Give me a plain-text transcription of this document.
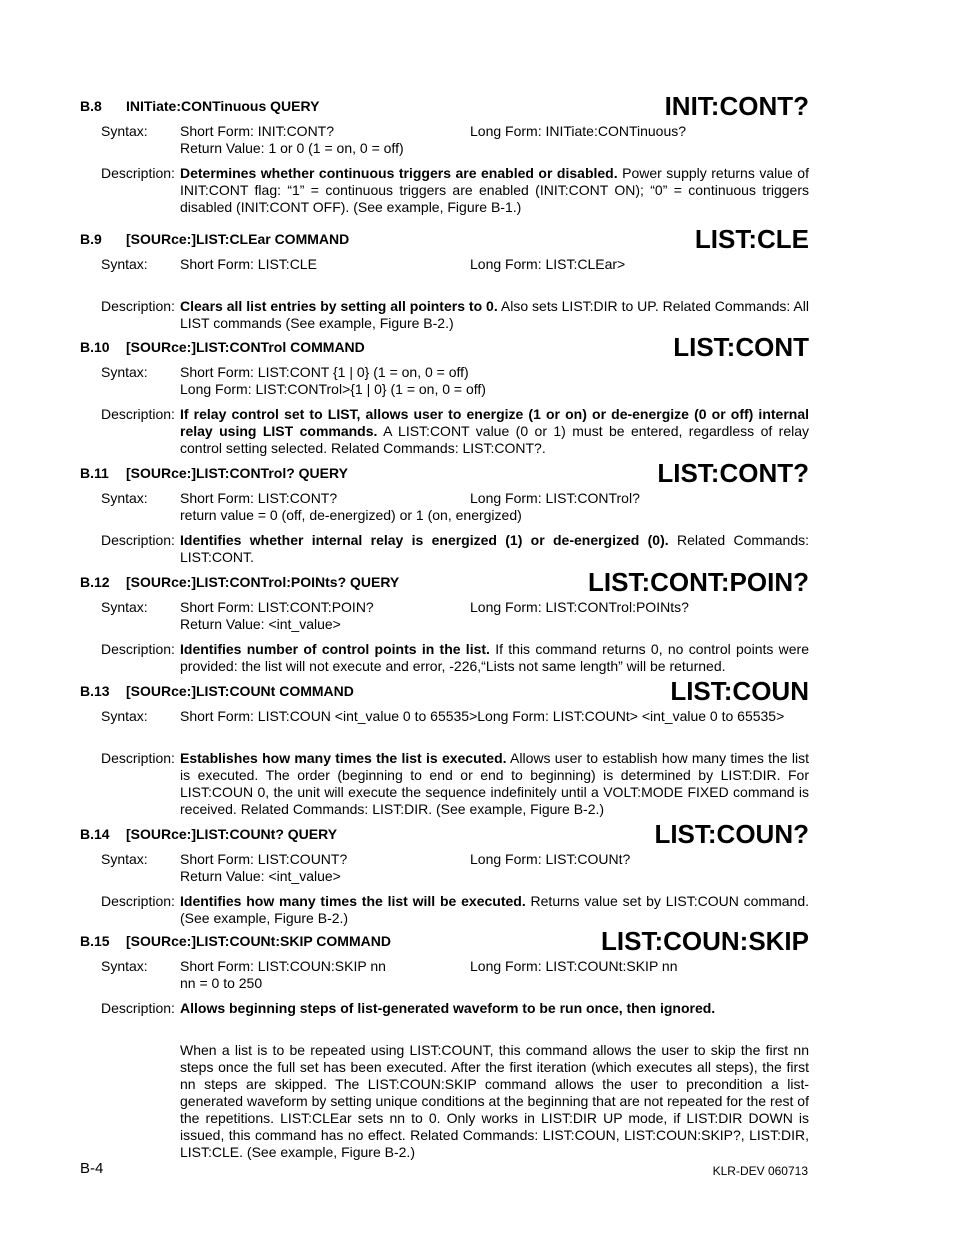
B.8 INITiate:CONTinuous QUERY	INIT:CONT?
Syntax: Short Form: INIT:CONT?	Long Form: INITiate:CONTinuous?
Return Value: 1 or 0 (1 = on, 0 = off)
Description: Determines whether continuous triggers are enabled or disabled. Power supply returns value of INIT:CONT flag: “1” = continuous triggers are enabled (INIT:CONT ON); “0” = continuous triggers disabled (INIT:CONT OFF). (See example, Figure B-1.)
B.9 [SOURce:]LIST:CLEar COMMAND	LIST:CLE
Syntax: Short Form: LIST:CLE	Long Form: LIST:CLEar>
Description: Clears all list entries by setting all pointers to 0. Also sets LIST:DIR to UP. Related Commands: All LIST commands (See example, Figure B-2.)
B.10 [SOURce:]LIST:CONTrol COMMAND	LIST:CONT
Syntax: Short Form: LIST:CONT {1 | 0} (1 = on, 0 = off)
Long Form: LIST:CONTrol>{1 | 0} (1 = on, 0 = off)
Description: If relay control set to LIST, allows user to energize (1 or on) or de-energize (0 or off) internal relay using LIST commands. A LIST:CONT value (0 or 1) must be entered, regardless of relay control setting selected. Related Commands: LIST:CONT?.
B.11 [SOURce:]LIST:CONTrol? QUERY	LIST:CONT?
Syntax: Short Form: LIST:CONT?	Long Form: LIST:CONTrol?
return value = 0 (off, de-energized) or 1 (on, energized)
Description: Identifies whether internal relay is energized (1) or de-energized (0). Related Commands: LIST:CONT.
B.12 [SOURce:]LIST:CONTrol:POINts? QUERY	LIST:CONT:POIN?
Syntax: Short Form: LIST:CONT:POIN?	Long Form: LIST:CONTrol:POINts?
Return Value: <int_value>
Description: Identifies number of control points in the list. If this command returns 0, no control points were provided: the list will not execute and error, -226,“Lists not same length” will be returned.
B.13 [SOURce:]LIST:COUNt COMMAND	LIST:COUN
Syntax: Short Form: LIST:COUN <int_value 0 to 65535>Long Form: LIST:COUNt> <int_value 0 to 65535>
Description: Establishes how many times the list is executed. Allows user to establish how many times the list is executed. The order (beginning to end or end to beginning) is determined by LIST:DIR. For LIST:COUN 0, the unit will execute the sequence indefinitely until a VOLT:MODE FIXED command is received. Related Commands: LIST:DIR. (See example, Figure B-2.)
B.14 [SOURce:]LIST:COUNt? QUERY	LIST:COUN?
Syntax: Short Form: LIST:COUNT?	Long Form: LIST:COUNt?
Return Value: <int_value>
Description: Identifies how many times the list will be executed. Returns value set by LIST:COUN command. (See example, Figure B-2.)
B.15 [SOURce:]LIST:COUNt:SKIP COMMAND	LIST:COUN:SKIP
Syntax: Short Form: LIST:COUN:SKIP nn	Long Form: LIST:COUNt:SKIP nn
nn = 0 to 250
Description: Allows beginning steps of list-generated waveform to be run once, then ignored.
When a list is to be repeated using LIST:COUNT, this command allows the user to skip the first nn steps once the full set has been executed. After the first iteration (which executes all steps), the first nn steps are skipped. The LIST:COUN:SKIP command allows the user to precondition a list-generated waveform by setting unique conditions at the beginning that are not repeated for the rest of the repetitions. LIST:CLEar sets nn to 0. Only works in LIST:DIR UP mode, if LIST:DIR DOWN is issued, this command has no effect. Related Commands: LIST:COUN, LIST:COUN:SKIP?, LIST:DIR, LIST:CLE. (See example, Figure B-2.)
B-4	KLR-DEV 060713
